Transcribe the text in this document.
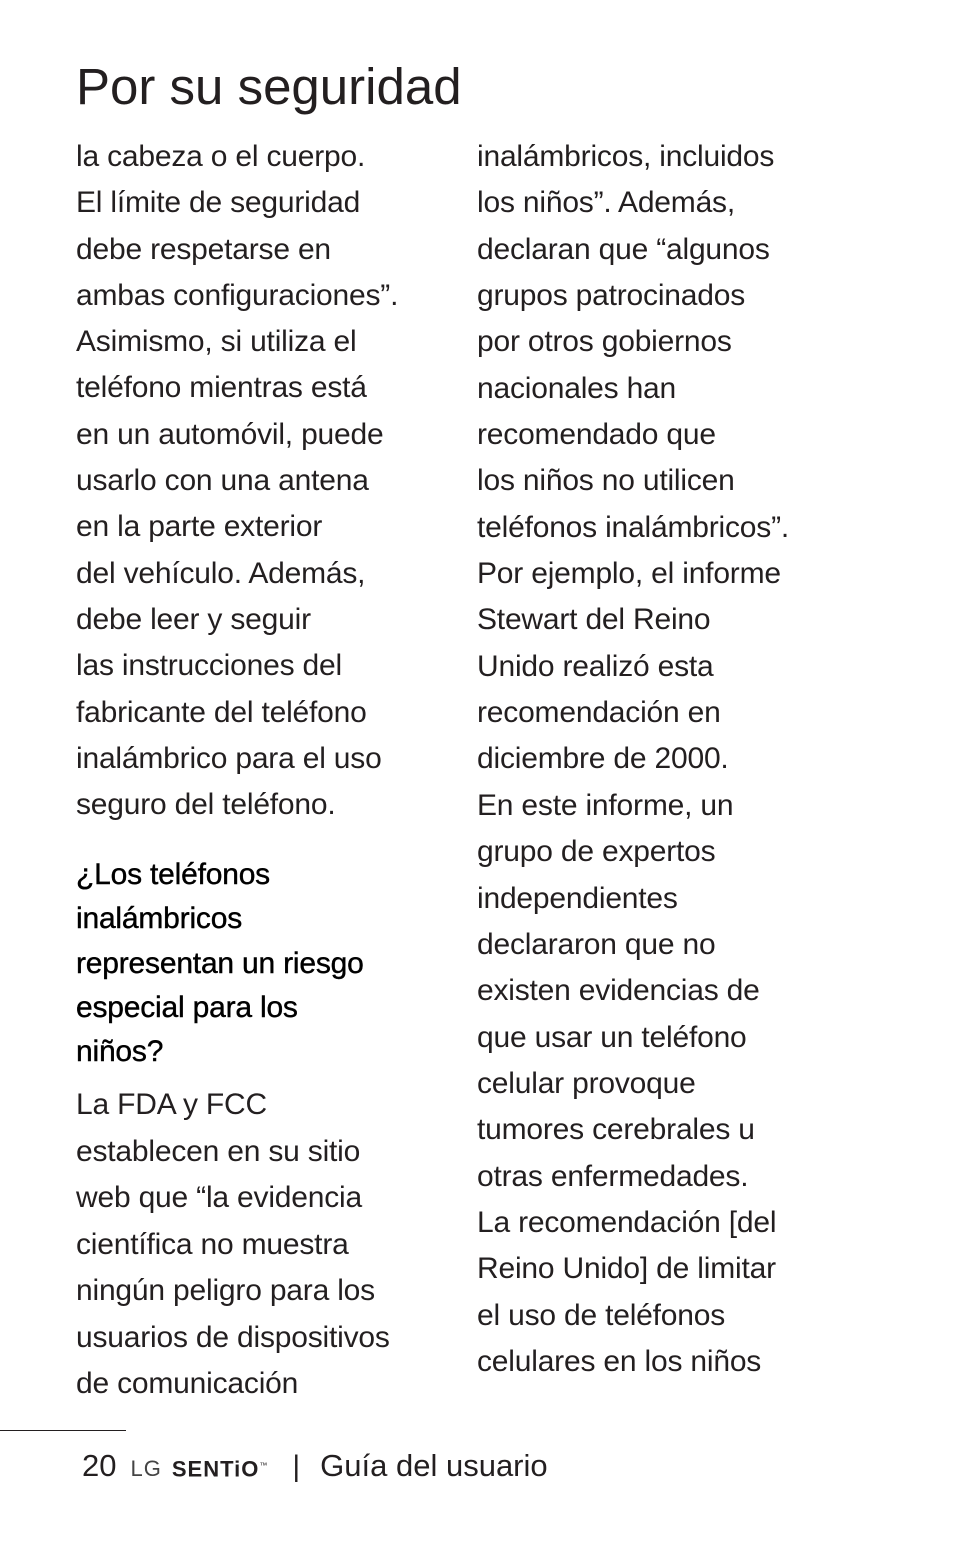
Por su seguridad
la cabeza o el cuerpo.
El límite de seguridad
debe respetarse en
ambas configuraciones”.
Asimismo, si utiliza el
teléfono mientras está
en un automóvil, puede
usarlo con una antena
en la parte exterior
del vehículo. Además,
debe leer y seguir
las instrucciones del
fabricante del teléfono
inalámbrico para el uso
seguro del teléfono.
¿Los teléfonos
inalámbricos
representan un riesgo
especial para los
niños?
La FDA y FCC
establecen en su sitio
web que “la evidencia
científica no muestra
ningún peligro para los
usuarios de dispositivos
de comunicación
inalámbricos, incluidos
los niños”. Además,
declaran que “algunos
grupos patrocinados
por otros gobiernos
nacionales han
recomendado que
los niños no utilicen
teléfonos inalámbricos”.
Por ejemplo, el informe
Stewart del Reino
Unido realizó esta
recomendación en
diciembre de 2000.
En este informe, un
grupo de expertos
independientes
declararon que no
existen evidencias de
que usar un teléfono
celular provoque
tumores cerebrales u
otras enfermedades.
La recomendación [del
Reino Unido] de limitar
el uso de teléfonos
celulares en los niños
20 LG SENTiO™ | Guía del usuario
